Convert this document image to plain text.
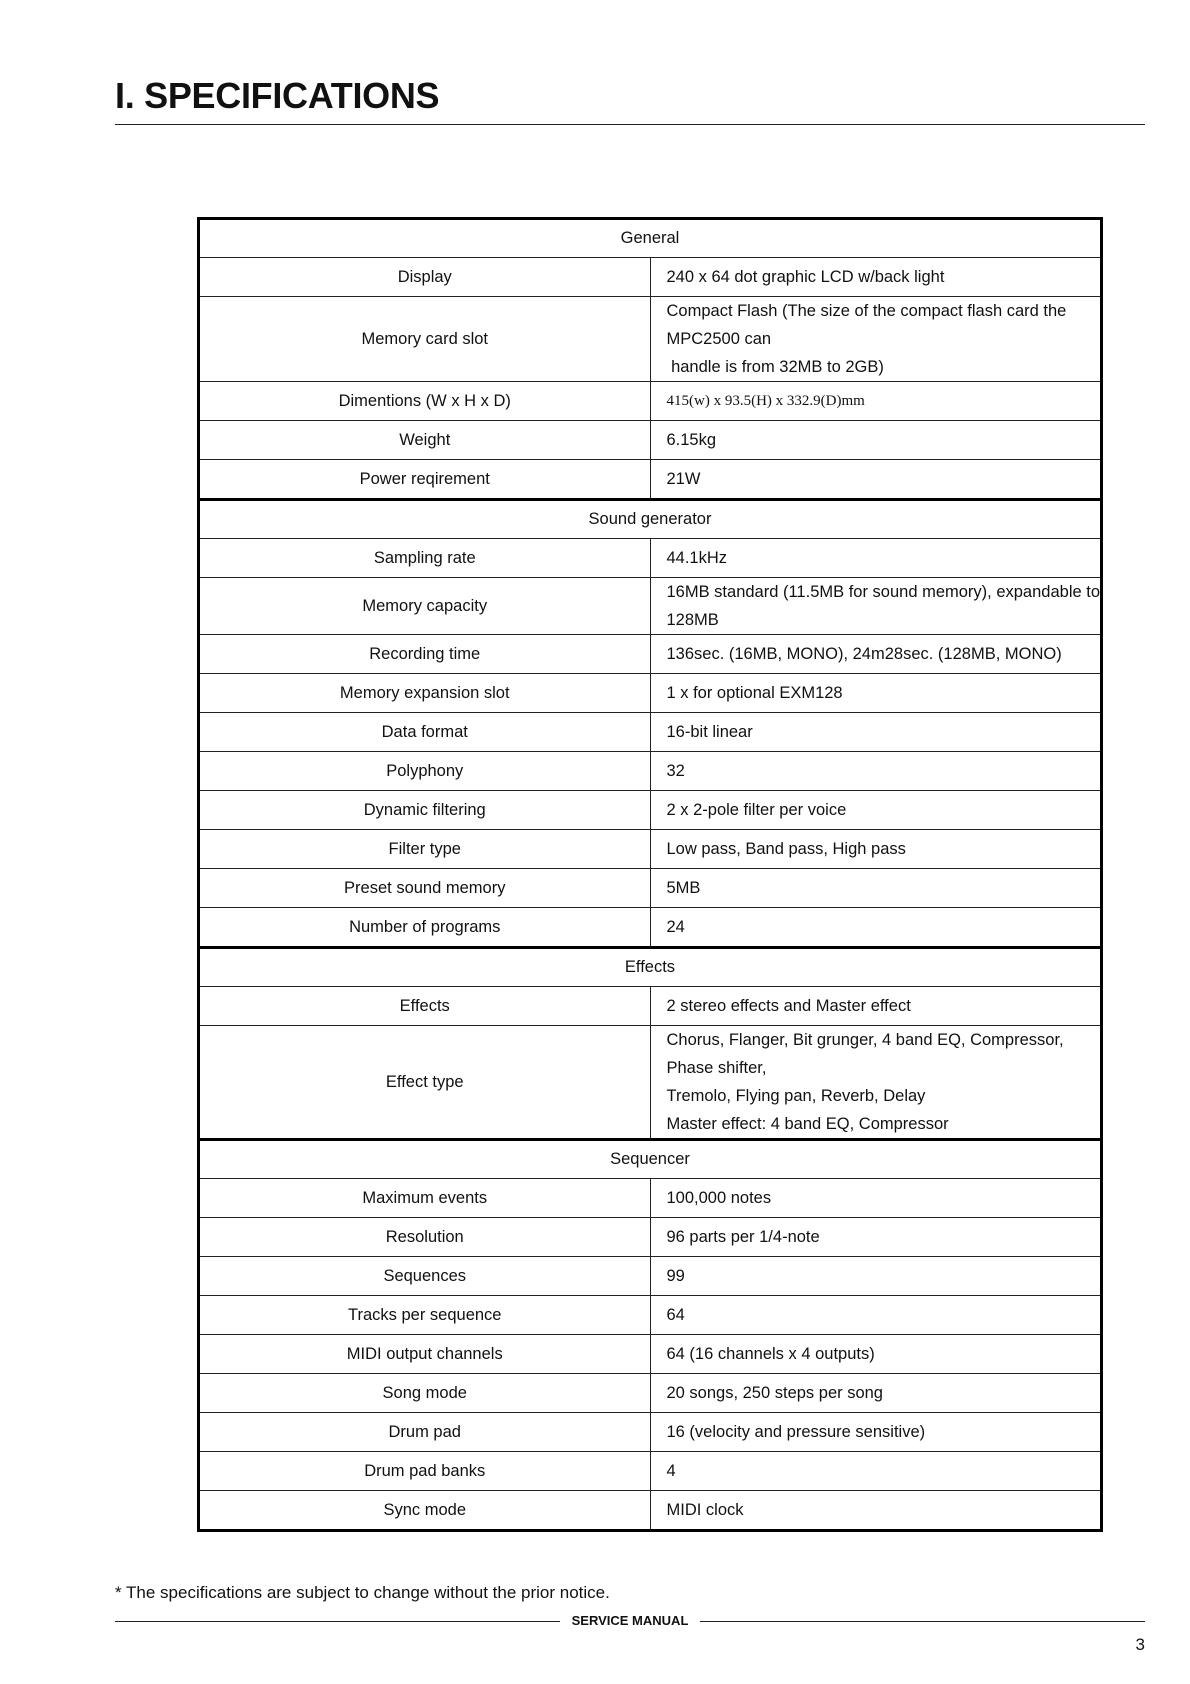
I. SPECIFICATIONS
General	
Display	240 x 64 dot graphic LCD w/back light
Memory card slot	Compact Flash (The size of the compact flash card the MPC2500 can
handle is from 32MB to 2GB)

Dimentions (W x H x D)	415(w) x 93.5(H) x 332.9(D)mm
Weight	6.15kg
Power reqirement	21W
Sound generator	
Sampling rate	44.1kHz
Memory capacity	16MB standard (11.5MB for sound memory), expandable to 128MB
Recording time	136sec. (16MB, MONO), 24m28sec. (128MB, MONO)
Memory expansion slot	1 x for optional EXM128
Data format	16-bit linear
Polyphony	32
Dynamic filtering	2 x 2-pole filter per voice
Filter type	Low pass, Band pass, High pass
Preset sound memory	5MB
Number of programs	24
Effects	
Effects	2 stereo effects and Master effect
Effect type	Chorus, Flanger, Bit grunger, 4 band EQ, Compressor, Phase shifter,
Tremolo, Flying pan, Reverb, Delay
Master effect: 4 band EQ, Compressor

Sequencer	
Maximum events	100,000 notes
Resolution	96 parts per 1/4-note
Sequences	99
Tracks per sequence	64
MIDI output channels	64 (16 channels x 4 outputs)
Song mode	20 songs, 250 steps per song
Drum pad	16 (velocity and pressure sensitive)
Drum pad banks	4
Sync mode	MIDI clock
* The specifications are subject to change without the prior notice.
SERVICE MANUAL
3
